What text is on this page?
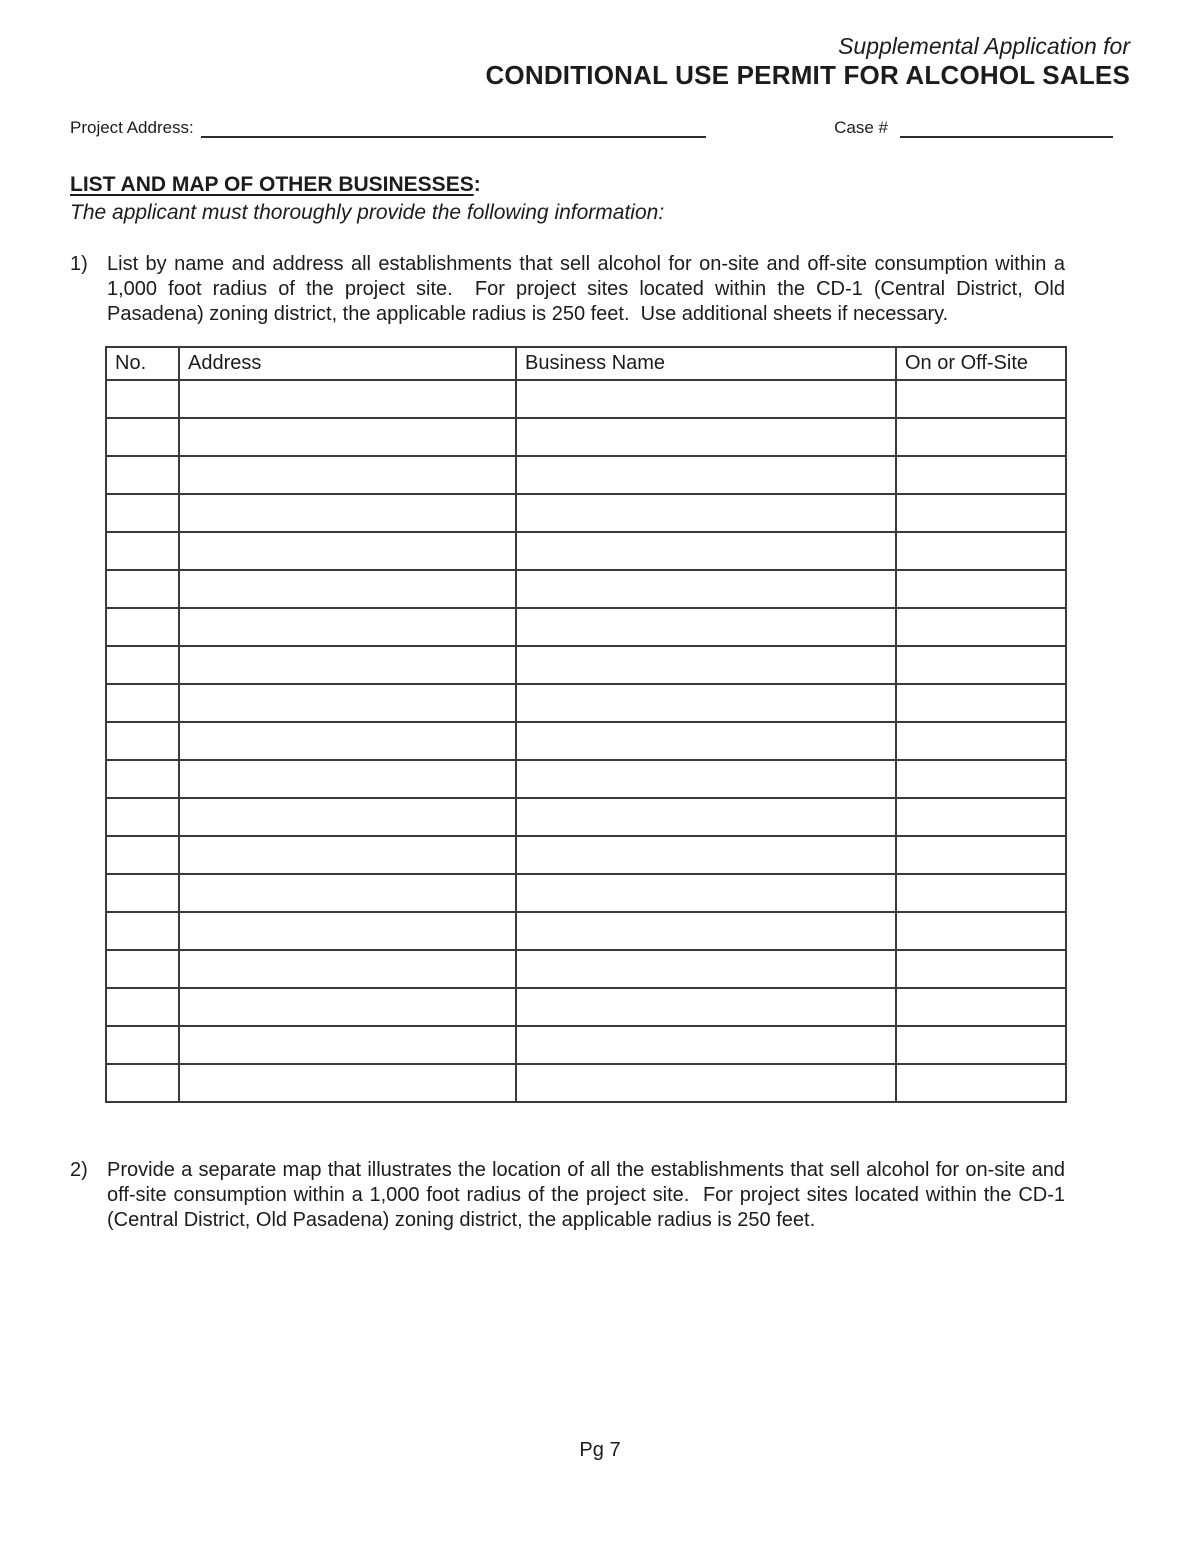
Supplemental Application for
CONDITIONAL USE PERMIT FOR ALCOHOL SALES
Project Address:	Case #
LIST AND MAP OF OTHER BUSINESSES:

The applicant must thoroughly provide the following information:

1) List by name and address all establishments that sell alcohol for on-site and off-site consumption within a 1,000 foot radius of the project site.  For project sites located within the CD-1 (Central District, Old Pasadena) zoning district, the applicable radius is 250 feet.  Use additional sheets if necessary.

No.	Address	Business Name	On or Off-Site

2) Provide a separate map that illustrates the location of all the establishments that sell alcohol for on-site and off-site consumption within a 1,000 foot radius of the project site.  For project sites located within the CD-1 (Central District, Old Pasadena) zoning district, the applicable radius is 250 feet.

Pg 7
